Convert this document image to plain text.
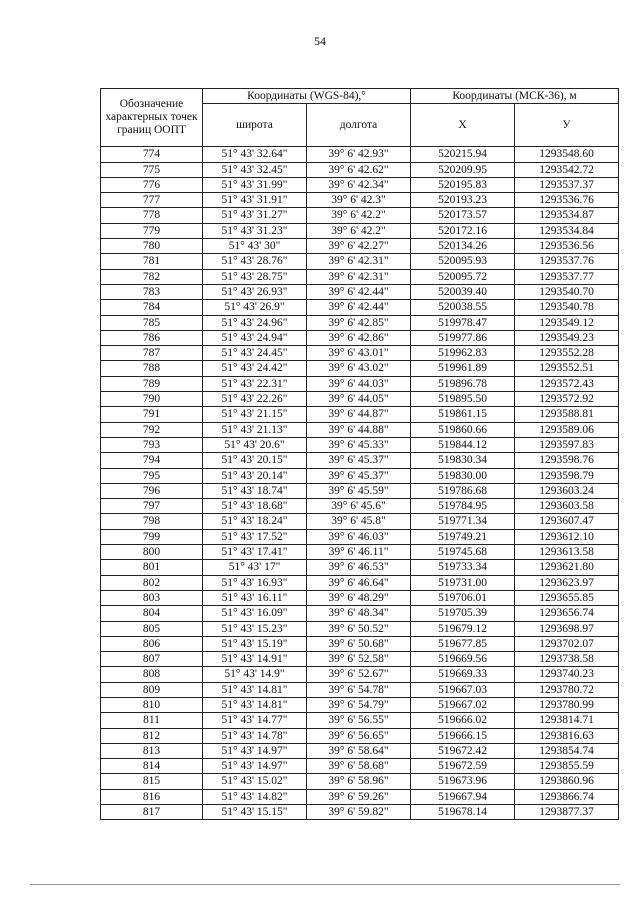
54
Обозначение характерных точек границ ООПТ	Координаты (WGS-84),°		Координаты (МСК-36), м	
	широта	долгота	X	У
774	51° 43' 32.64"	39° 6' 42.93"	520215.94	1293548.60
775	51° 43' 32.45"	39° 6' 42.62"	520209.95	1293542.72
776	51° 43' 31.99"	39° 6' 42.34"	520195.83	1293537.37
777	51° 43' 31.91"	39° 6' 42.3"	520193.23	1293536.76
778	51° 43' 31.27"	39° 6' 42.2"	520173.57	1293534.87
779	51° 43' 31.23"	39° 6' 42.2"	520172.16	1293534.84
780	51° 43' 30"	39° 6' 42.27"	520134.26	1293536.56
781	51° 43' 28.76"	39° 6' 42.31"	520095.93	1293537.76
782	51° 43' 28.75"	39° 6' 42.31"	520095.72	1293537.77
783	51° 43' 26.93"	39° 6' 42.44"	520039.40	1293540.70
784	51° 43' 26.9"	39° 6' 42.44"	520038.55	1293540.78
785	51° 43' 24.96"	39° 6' 42.85"	519978.47	1293549.12
786	51° 43' 24.94"	39° 6' 42.86"	519977.86	1293549.23
787	51° 43' 24.45"	39° 6' 43.01"	519962.83	1293552.28
788	51° 43' 24.42"	39° 6' 43.02"	519961.89	1293552.51
789	51° 43' 22.31"	39° 6' 44.03"	519896.78	1293572.43
790	51° 43' 22.26"	39° 6' 44.05"	519895.50	1293572.92
791	51° 43' 21.15"	39° 6' 44.87"	519861.15	1293588.81
792	51° 43' 21.13"	39° 6' 44.88"	519860.66	1293589.06
793	51° 43' 20.6"	39° 6' 45.33"	519844.12	1293597.83
794	51° 43' 20.15"	39° 6' 45.37"	519830.34	1293598.76
795	51° 43' 20.14"	39° 6' 45.37"	519830.00	1293598.79
796	51° 43' 18.74"	39° 6' 45.59"	519786.68	1293603.24
797	51° 43' 18.68"	39° 6' 45.6"	519784.95	1293603.58
798	51° 43' 18.24"	39° 6' 45.8"	519771.34	1293607.47
799	51° 43' 17.52"	39° 6' 46.03"	519749.21	1293612.10
800	51° 43' 17.41"	39° 6' 46.11"	519745.68	1293613.58
801	51° 43' 17"	39° 6' 46.53"	519733.34	1293621.80
802	51° 43' 16.93"	39° 6' 46.64"	519731.00	1293623.97
803	51° 43' 16.11"	39° 6' 48.29"	519706.01	1293655.85
804	51° 43' 16.09"	39° 6' 48.34"	519705.39	1293656.74
805	51° 43' 15.23"	39° 6' 50.52"	519679.12	1293698.97
806	51° 43' 15.19"	39° 6' 50.68"	519677.85	1293702.07
807	51° 43' 14.91"	39° 6' 52.58"	519669.56	1293738.58
808	51° 43' 14.9"	39° 6' 52.67"	519669.33	1293740.23
809	51° 43' 14.81"	39° 6' 54.78"	519667.03	1293780.72
810	51° 43' 14.81"	39° 6' 54.79"	519667.02	1293780.99
811	51° 43' 14.77"	39° 6' 56.55"	519666.02	1293814.71
812	51° 43' 14.78"	39° 6' 56.65"	519666.15	1293816.63
813	51° 43' 14.97"	39° 6' 58.64"	519672.42	1293854.74
814	51° 43' 14.97"	39° 6' 58.68"	519672.59	1293855.59
815	51° 43' 15.02"	39° 6' 58.96"	519673.96	1293860.96
816	51° 43' 14.82"	39° 6' 59.26"	519667.94	1293866.74
817	51° 43' 15.15"	39° 6' 59.82"	519678.14	1293877.37
